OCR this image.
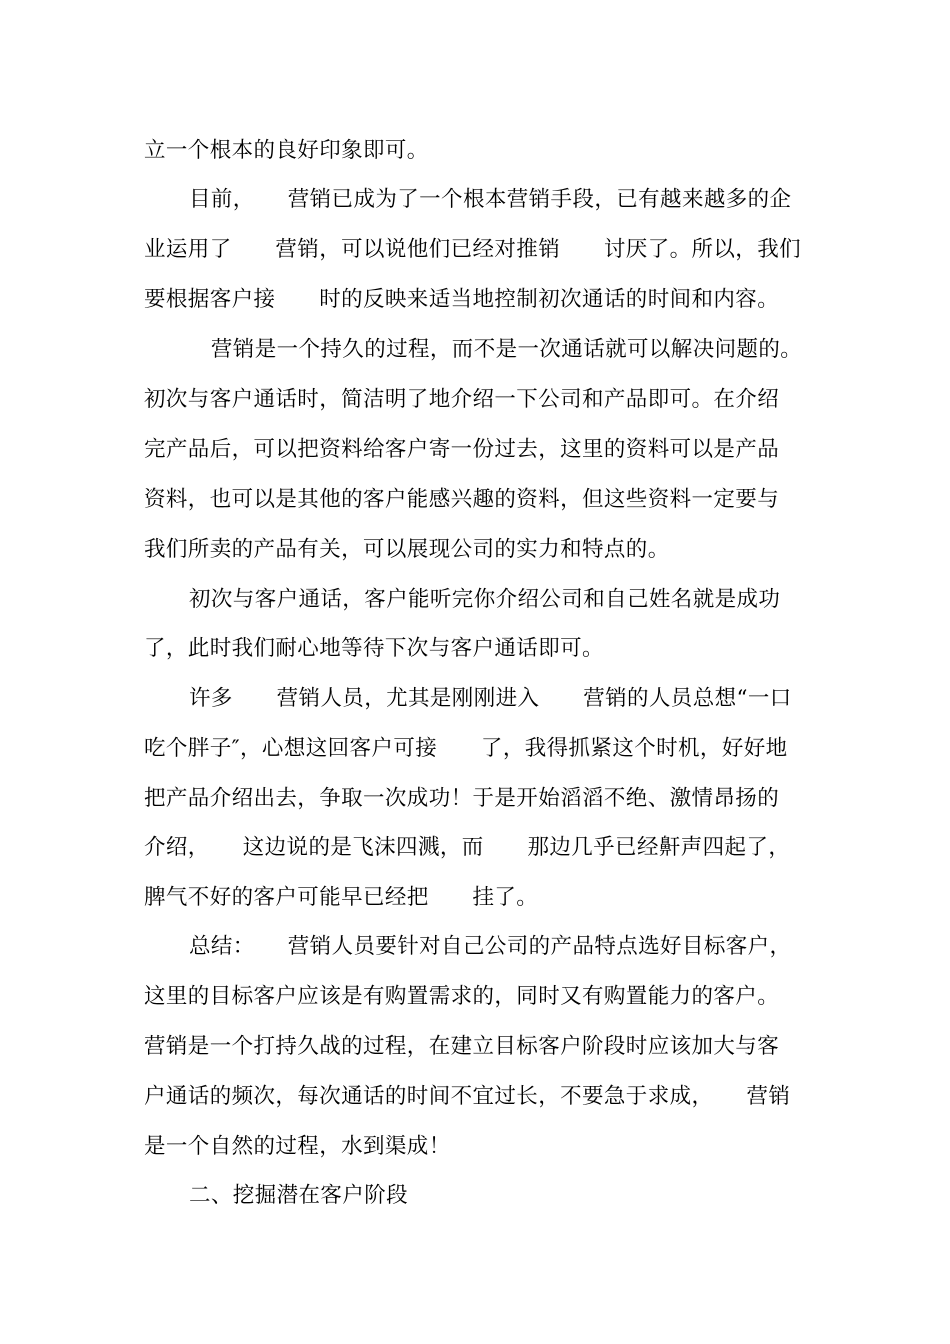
立一个根本的良好印象即可。
目前，　　营销已成为了一个根本营销手段，已有越来越多的企
业运用了　　营销，可以说他们已经对推销　　讨厌了。所以，我们
要根据客户接　　时的反映来适当地控制初次通话的时间和内容。
　营销是一个持久的过程，而不是一次通话就可以解决问题的。
初次与客户通话时，简洁明了地介绍一下公司和产品即可。在介绍
完产品后，可以把资料给客户寄一份过去，这里的资料可以是产品
资料，也可以是其他的客户能感兴趣的资料，但这些资料一定要与
我们所卖的产品有关，可以展现公司的实力和特点的。
初次与客户通话，客户能听完你介绍公司和自己姓名就是成功
了，此时我们耐心地等待下次与客户通话即可。
许多　　营销人员，尤其是刚刚进入　　营销的人员总想“一口
吃个胖子″，心想这回客户可接　　了，我得抓紧这个时机，好好地
把产品介绍出去，争取一次成功！于是开始滔滔不绝、激情昂扬的
介绍，　　这边说的是飞沫四溅，而　　那边几乎已经鼾声四起了，
脾气不好的客户可能早已经把　　挂了。
总结：　　营销人员要针对自己公司的产品特点选好目标客户，
这里的目标客户应该是有购置需求的，同时又有购置能力的客户。
营销是一个打持久战的过程，在建立目标客户阶段时应该加大与客
户通话的频次，每次通话的时间不宜过长，不要急于求成，　　营销
是一个自然的过程，水到渠成！
二、挖掘潜在客户阶段
